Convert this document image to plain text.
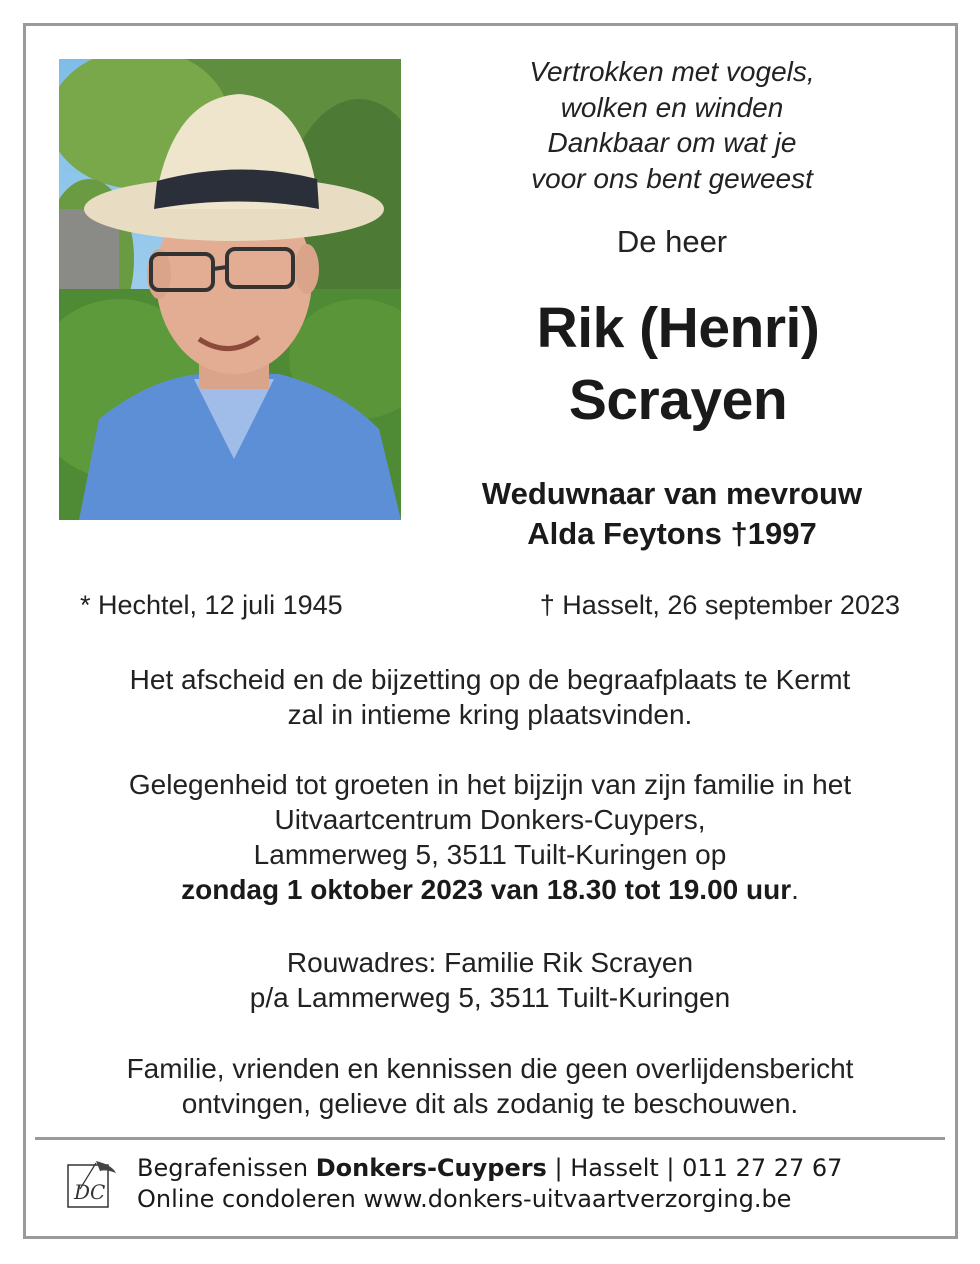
Vertrokken met vogels,
wolken en winden
Dankbaar om wat je
voor ons bent geweest
De heer
Rik (Henri)
Scrayen
Weduwnaar van mevrouw
Alda Feytons †1997
* Hechtel, 12 juli 1945	† Hasselt, 26 september 2023
Het afscheid en de bijzetting op de begraafplaats te Kermt
zal in intieme kring plaatsvinden.
Gelegenheid tot groeten in het bijzijn van zijn familie in het
Uitvaartcentrum Donkers-Cuypers,
Lammerweg 5, 3511 Tuilt-Kuringen op
zondag 1 oktober 2023 van 18.30 tot 19.00 uur.
Rouwadres: Familie Rik Scrayen
p/a Lammerweg 5, 3511 Tuilt-Kuringen
Familie, vrienden en kennissen die geen overlijdensbericht
ontvingen, gelieve dit als zodanig te beschouwen.
DC
Begrafenissen Donkers-Cuypers | Hasselt | 011 27 27 67
Online condoleren www.donkers-uitvaartverzorging.be
